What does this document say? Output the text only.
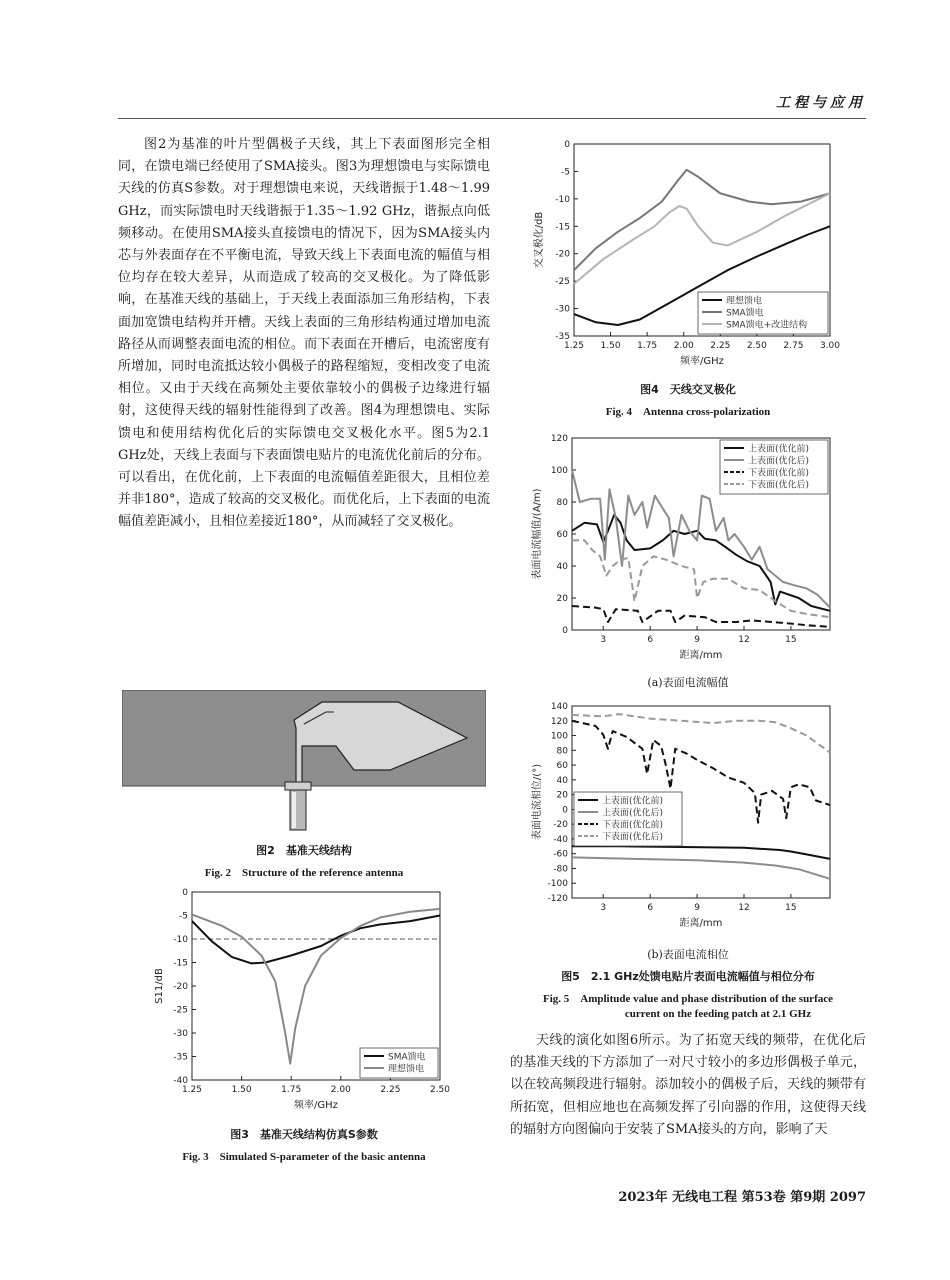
工程与应用

图2为基准的叶片型偶极子天线，其上下表面图形完全相同，在馈电端已经使用了SMA接头。图3为理想馈电与实际馈电天线的仿真S参数。对于理想馈电来说，天线谐振于1.48～1.99 GHz，而实际馈电时天线谐振于1.35～1.92 GHz，谐振点向低频移动。在使用SMA接头直接馈电的情况下，因为SMA接头内芯与外表面存在不平衡电流，导致天线上下表面电流的幅值与相位均存在较大差异，从而造成了较高的交叉极化。为了降低影响，在基准天线的基础上，于天线上表面添加三角形结构，下表面加宽馈电结构并开槽。天线上表面的三角形结构通过增加电流路径从而调整表面电流的相位。而下表面在开槽后，电流密度有所增加，同时电流抵达较小偶极子的路程缩短，变相改变了电流相位。又由于天线在高频处主要依靠较小的偶极子边缘进行辐射，这使得天线的辐射性能得到了改善。图4为理想馈电、实际馈电和使用结构优化后的实际馈电交叉极化水平。图5为2.1 GHz处，天线上表面与下表面馈电贴片的电流优化前后的分布。可以看出，在优化前，上下表面的电流幅值差距很大，且相位差并非180°，造成了较高的交叉极化。而优化后，上下表面的电流幅值差距减小，且相位差接近180°，从而减轻了交叉极化。

图2　基准天线结构
Fig. 2　Structure of the reference antenna
1.25	1.50	1.75	2.00	2.25	2.50
0
-5
-10
-15
-20
-25
-30
-35
-40
频率/GHz
S11/dB
SMA馈电
理想馈电
图3　基准天线结构仿真S参数
Fig. 3　Simulated S-parameter of the basic antenna
1.25 1.50 1.75 2.00 2.25 2.50 2.75 3.00
0
-5
-10
-15
-20
-25
-30
-35
频率/GHz
交叉极化/dB
理想馈电
SMA馈电
SMA馈电+改进结构
图4　天线交叉极化
Fig. 4　Antenna cross-polarization
3	6	9	12	15
0
20
40
60
80
100
120
距离/mm
表面电流幅值/(A/m)
上表面(优化前)
上表面(优化后)
下表面(优化前)
下表面(优化后)
(a)表面电流幅值
3	6	9	12	15
140
120
100
80
60
40
20
0
-20
-40
-60
-80
-100
-120
距离/mm
表面电流相位/(°)	上表面(优化前)
上表面(优化后)
下表面(优化前)
下表面(优化后)
(b)表面电流相位
图5　2.1 GHz处馈电贴片表面电流幅值与相位分布
Fig. 5　Amplitude value and phase distribution of the surface
current on the feeding patch at 2.1 GHz

天线的演化如图6所示。为了拓宽天线的频带，在优化后的基准天线的下方添加了一对尺寸较小的多边形偶极子单元，以在较高频段进行辐射。添加较小的偶极子后，天线的频带有所拓宽，但相应地也在高频发挥了引向器的作用，这使得天线的辐射方向图偏向于安装了SMA接头的方向，影响了天

2023年 无线电工程 第53卷 第9期 2097
